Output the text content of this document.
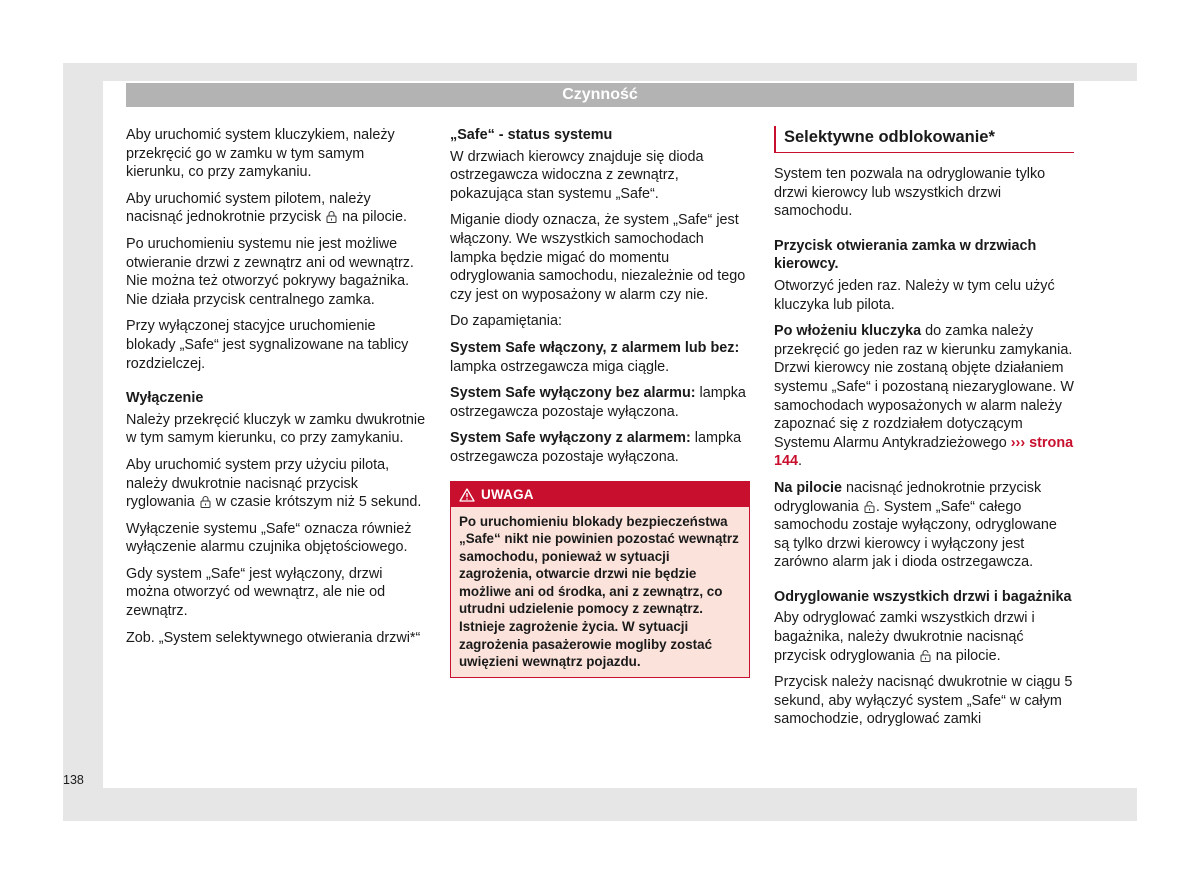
Czynność

Aby uruchomić system kluczykiem, należy przekręcić go w zamku w tym samym kierunku, co przy zamykaniu.

Aby uruchomić system pilotem, należy nacisnąć jednokrotnie przycisk na pilocie.

Po uruchomieniu systemu nie jest możliwe otwieranie drzwi z zewnątrz ani od wewnątrz. Nie można też otworzyć pokrywy bagażnika. Nie działa przycisk centralnego zamka.

Przy wyłączonej stacyjce uruchomienie blokady „Safe“ jest sygnalizowane na tablicy rozdzielczej.

Wyłączenie

Należy przekręcić kluczyk w zamku dwukrotnie w tym samym kierunku, co przy zamykaniu.

Aby uruchomić system przy użyciu pilota, należy dwukrotnie nacisnąć przycisk ryglowania w czasie krótszym niż 5 sekund.

Wyłączenie systemu „Safe“ oznacza również wyłączenie alarmu czujnika objętościowego.

Gdy system „Safe“ jest wyłączony, drzwi można otworzyć od wewnątrz, ale nie od zewnątrz.

Zob. „System selektywnego otwierania drzwi*“

„Safe“ - status systemu

W drzwiach kierowcy znajduje się dioda ostrzegawcza widoczna z zewnątrz, pokazująca stan systemu „Safe“.

Miganie diody oznacza, że system „Safe“ jest włączony. We wszystkich samochodach lampka będzie migać do momentu odryglowania samochodu, niezależnie od tego czy jest on wyposażony w alarm czy nie.

Do zapamiętania:

System Safe włączony, z alarmem lub bez: lampka ostrzegawcza miga ciągle.

System Safe wyłączony bez alarmu: lampka ostrzegawcza pozostaje wyłączona.

System Safe wyłączony z alarmem: lampka ostrzegawcza pozostaje wyłączona.

UWAGA
Po uruchomieniu blokady bezpieczeństwa „Safe“ nikt nie powinien pozostać wewnątrz samochodu, ponieważ w sytuacji zagrożenia, otwarcie drzwi nie będzie możliwe ani od środka, ani z zewnątrz, co utrudni udzielenie pomocy z zewnątrz. Istnieje zagrożenie życia. W sytuacji zagrożenia pasażerowie mogliby zostać uwięzieni wewnątrz pojazdu.
Selektywne odblokowanie*

System ten pozwala na odryglowanie tylko drzwi kierowcy lub wszystkich drzwi samochodu.

Przycisk otwierania zamka w drzwiach kierowcy.

Otworzyć jeden raz. Należy w tym celu użyć kluczyka lub pilota.

Po włożeniu kluczyka do zamka należy przekręcić go jeden raz w kierunku zamykania. Drzwi kierowcy nie zostaną objęte działaniem systemu „Safe“ i pozostaną niezaryglowane. W samochodach wyposażonych w alarm należy zapoznać się z rozdziałem dotyczącym Systemu Alarmu Antykradzieżowego ››› strona 144.

Na pilocie nacisnąć jednokrotnie przycisk odryglowania . System „Safe“ całego samochodu zostaje wyłączony, odryglowane są tylko drzwi kierowcy i wyłączony jest zarówno alarm jak i dioda ostrzegawcza.

Odryglowanie wszystkich drzwi i bagażnika

Aby odryglować zamki wszystkich drzwi i bagażnika, należy dwukrotnie nacisnąć przycisk odryglowania na pilocie.

Przycisk należy nacisnąć dwukrotnie w ciągu 5 sekund, aby wyłączyć system „Safe“ w całym samochodzie, odryglować zamki

138
